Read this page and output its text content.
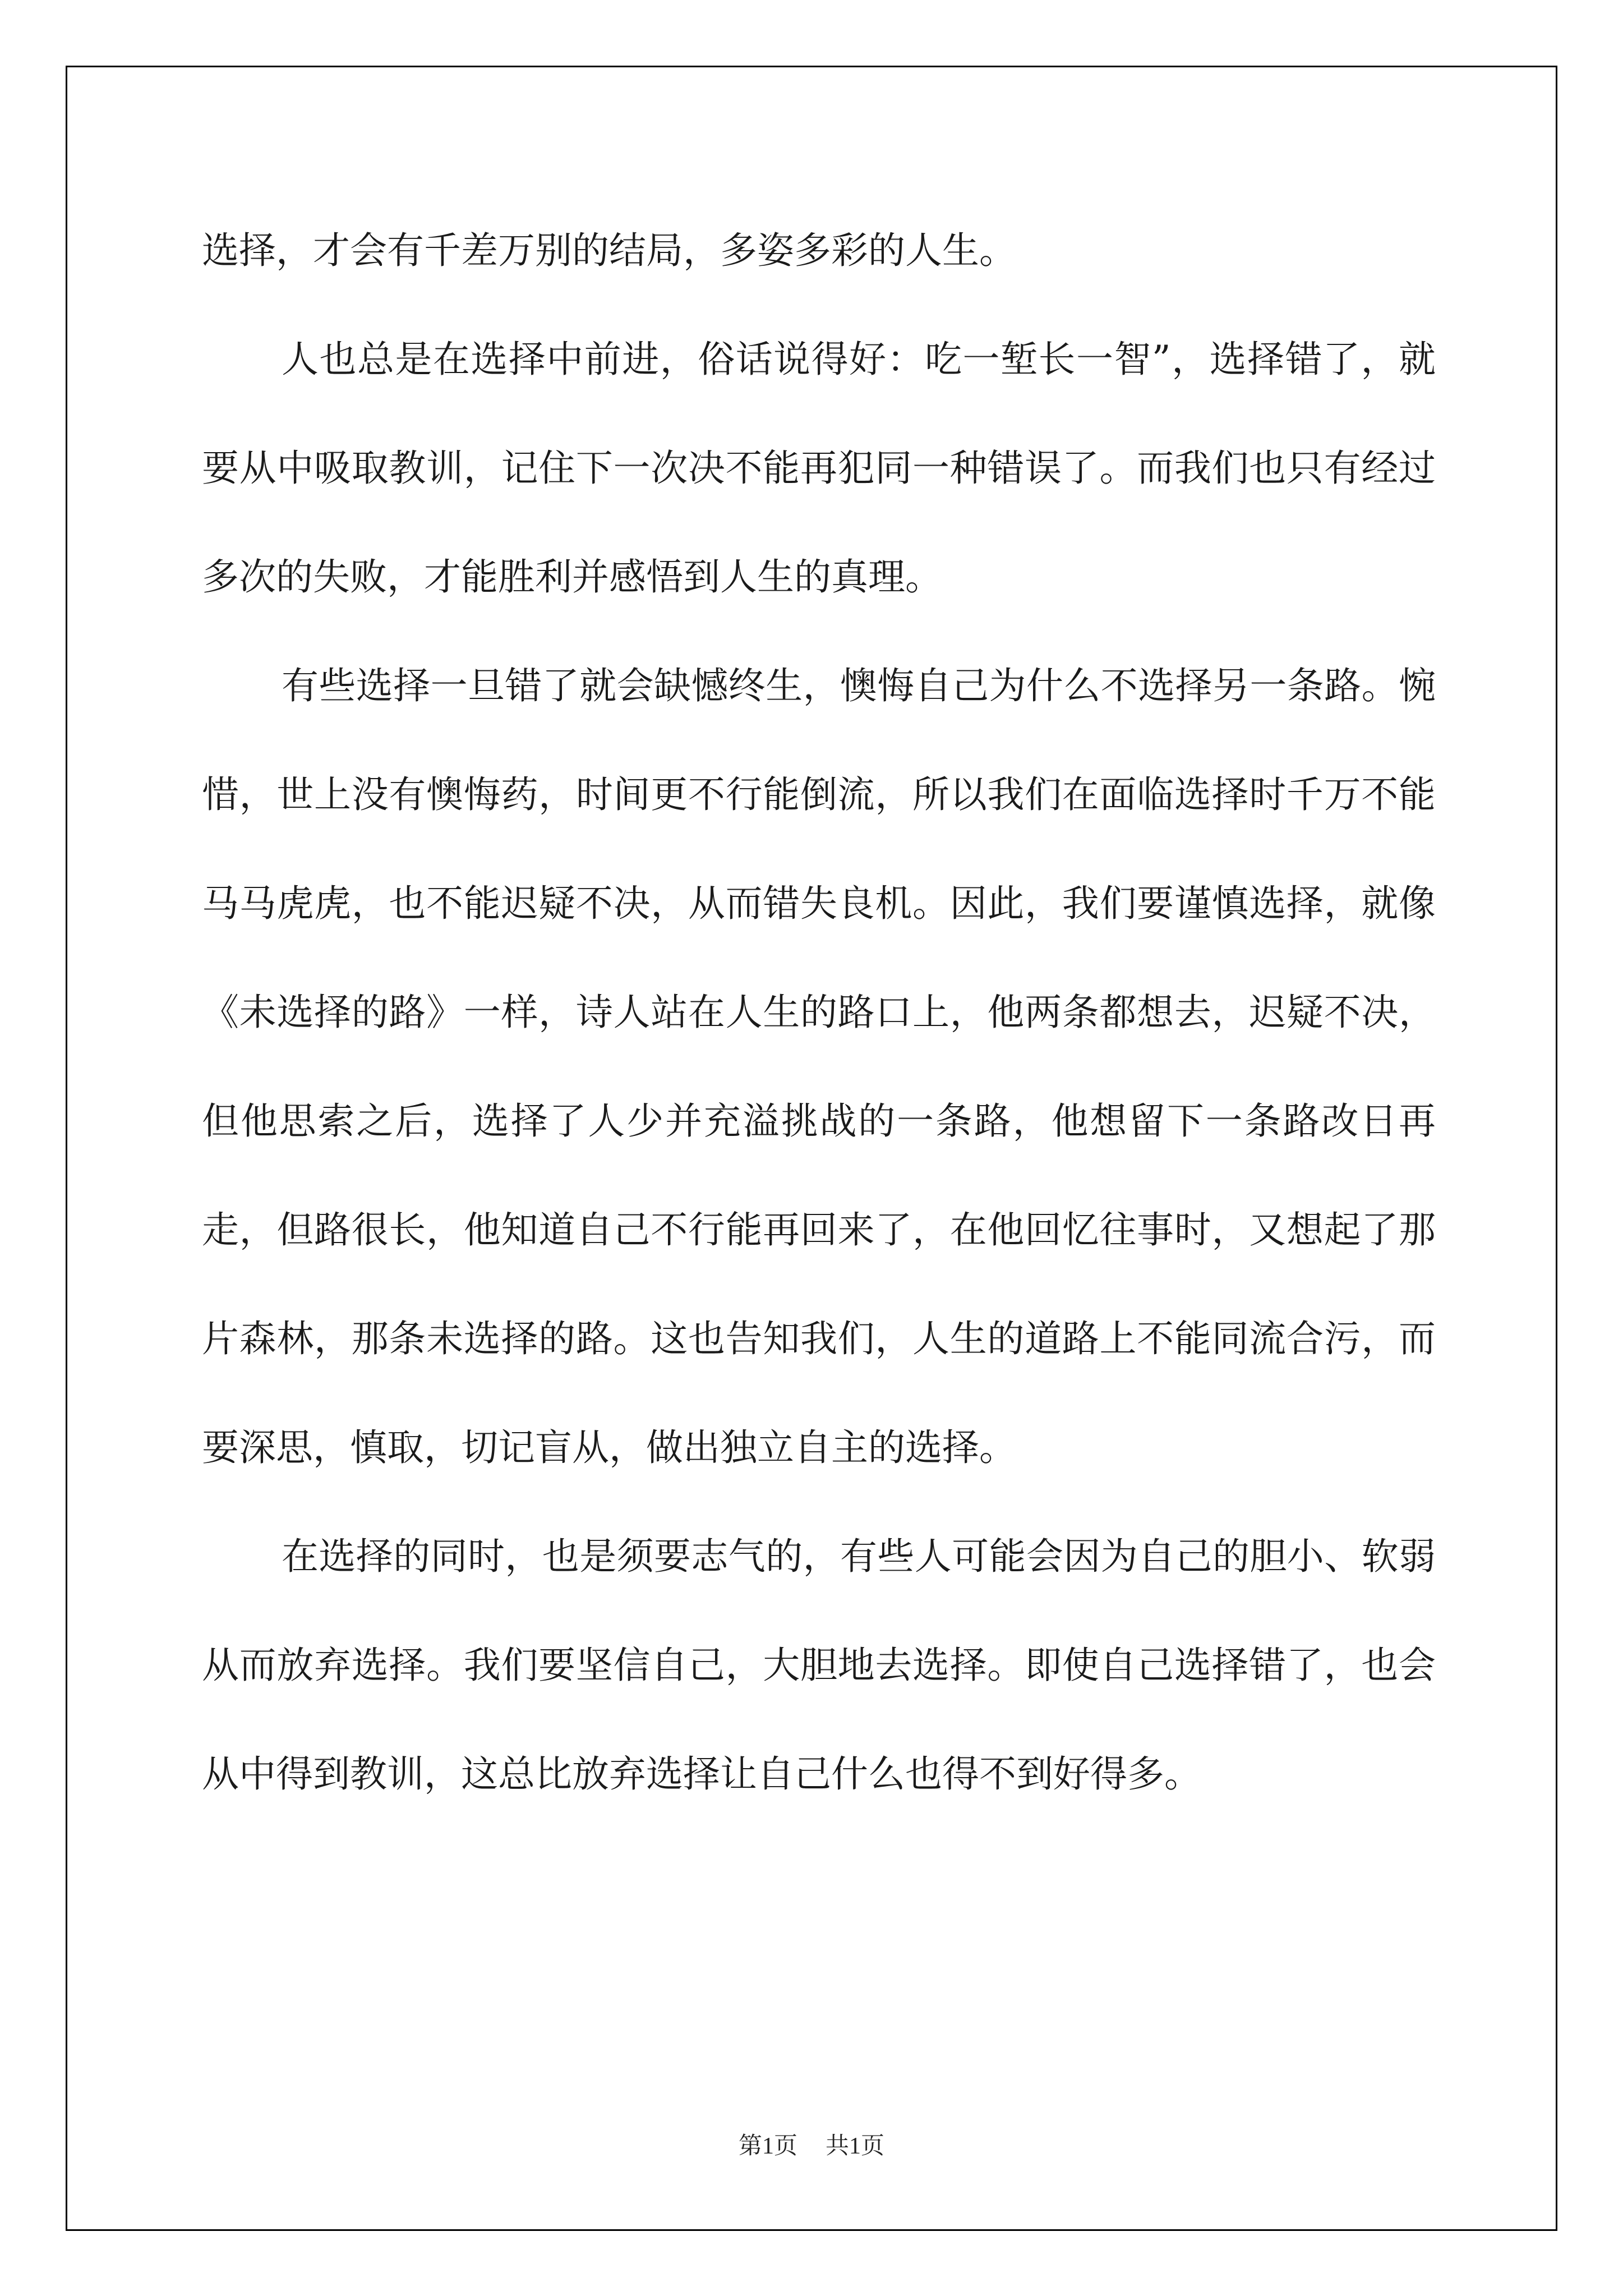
选择，才会有千差万别的结局，多姿多彩的人生。

人也总是在选择中前进，俗话说得好：吃一堑长一智”，选择错了，就要从中吸取教训，记住下一次决不能再犯同一种错误了。而我们也只有经过多次的失败，才能胜利并感悟到人生的真理。

有些选择一旦错了就会缺憾终生，懊悔自己为什么不选择另一条路。惋惜，世上没有懊悔药，时间更不行能倒流，所以我们在面临选择时千万不能马马虎虎，也不能迟疑不决，从而错失良机。因此，我们要谨慎选择，就像《未选择的路》一样，诗人站在人生的路口上，他两条都想去，迟疑不决，但他思索之后，选择了人少并充溢挑战的一条路，他想留下一条路改日再走，但路很长，他知道自己不行能再回来了，在他回忆往事时，又想起了那片森林，那条未选择的路。这也告知我们，人生的道路上不能同流合污，而要深思，慎取，切记盲从，做出独立自主的选择。

在选择的同时，也是须要志气的，有些人可能会因为自己的胆小、软弱从而放弃选择。我们要坚信自己，大胆地去选择。即使自己选择错了，也会从中得到教训，这总比放弃选择让自己什么也得不到好得多。

第1页 共1页
